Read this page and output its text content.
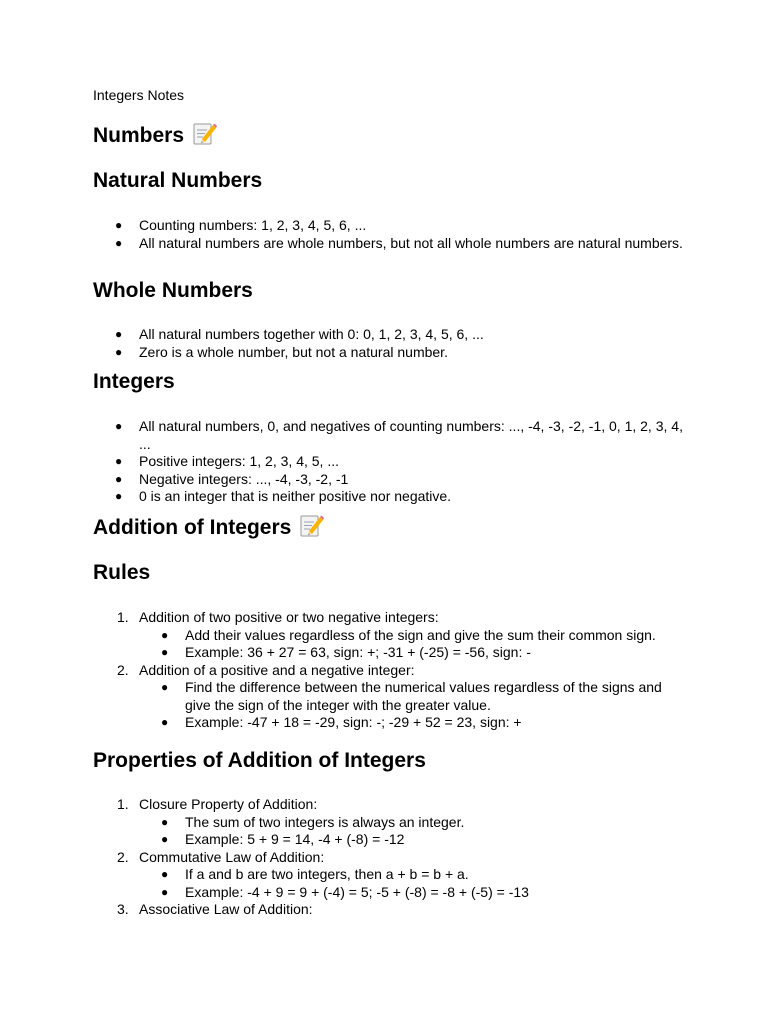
Integers Notes
Numbers
Natural Numbers
● Counting numbers: 1, 2, 3, 4, 5, 6, ...
● All natural numbers are whole numbers, but not all whole numbers are natural numbers.
Whole Numbers
● All natural numbers together with 0: 0, 1, 2, 3, 4, 5, 6, ...
● Zero is a whole number, but not a natural number.
Integers
● All natural numbers, 0, and negatives of counting numbers: ..., -4, -3, -2, -1, 0, 1, 2, 3, 4, ...
● Positive integers: 1, 2, 3, 4, 5, ...
● Negative integers: ..., -4, -3, -2, -1
● 0 is an integer that is neither positive nor negative.
Addition of Integers
Rules
1. Addition of two positive or two negative integers:
● Add their values regardless of the sign and give the sum their common sign.
● Example: 36 + 27 = 63, sign: +; -31 + (-25) = -56, sign: -
2. Addition of a positive and a negative integer:
● Find the difference between the numerical values regardless of the signs and give the sign of the integer with the greater value.
● Example: -47 + 18 = -29, sign: -; -29 + 52 = 23, sign: +
Properties of Addition of Integers
1. Closure Property of Addition:
● The sum of two integers is always an integer.
● Example: 5 + 9 = 14, -4 + (-8) = -12
2. Commutative Law of Addition:
● If a and b are two integers, then a + b = b + a.
● Example: -4 + 9 = 9 + (-4) = 5; -5 + (-8) = -8 + (-5) = -13
3. Associative Law of Addition:
